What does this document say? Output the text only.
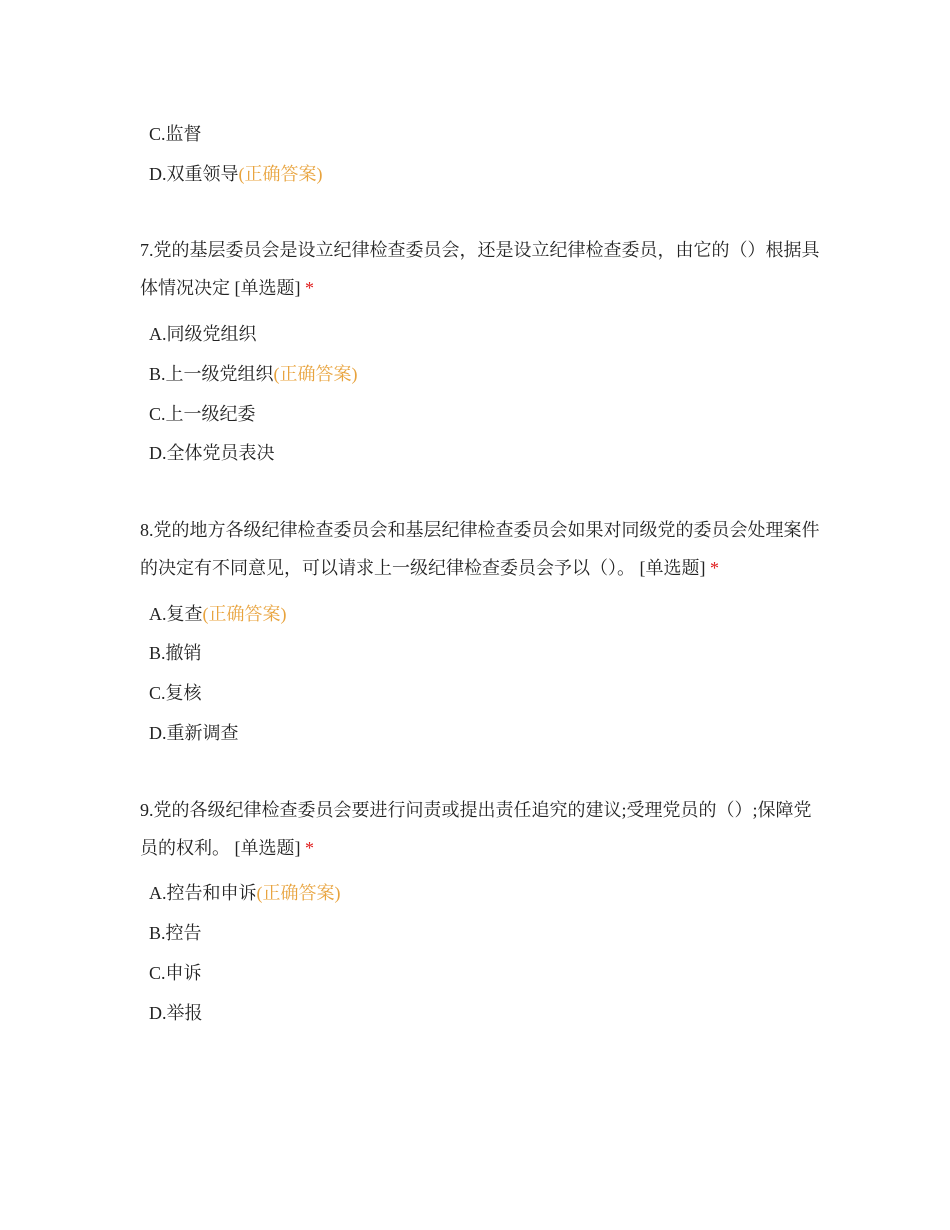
C.监督
D.双重领导(正确答案)
7.党的基层委员会是设立纪律检查委员会，还是设立纪律检查委员，由它的（）根据具体情况决定 [单选题] *
A.同级党组织
B.上一级党组织(正确答案)
C.上一级纪委
D.全体党员表决
8.党的地方各级纪律检查委员会和基层纪律检查委员会如果对同级党的委员会处理案件的决定有不同意见，可以请求上一级纪律检查委员会予以（）。 [单选题] *
A.复查(正确答案)
B.撤销
C.复核
D.重新调查
9.党的各级纪律检查委员会要进行问责或提出责任追究的建议;受理党员的（）;保障党员的权利。 [单选题] *
A.控告和申诉(正确答案)
B.控告
C.申诉
D.举报
